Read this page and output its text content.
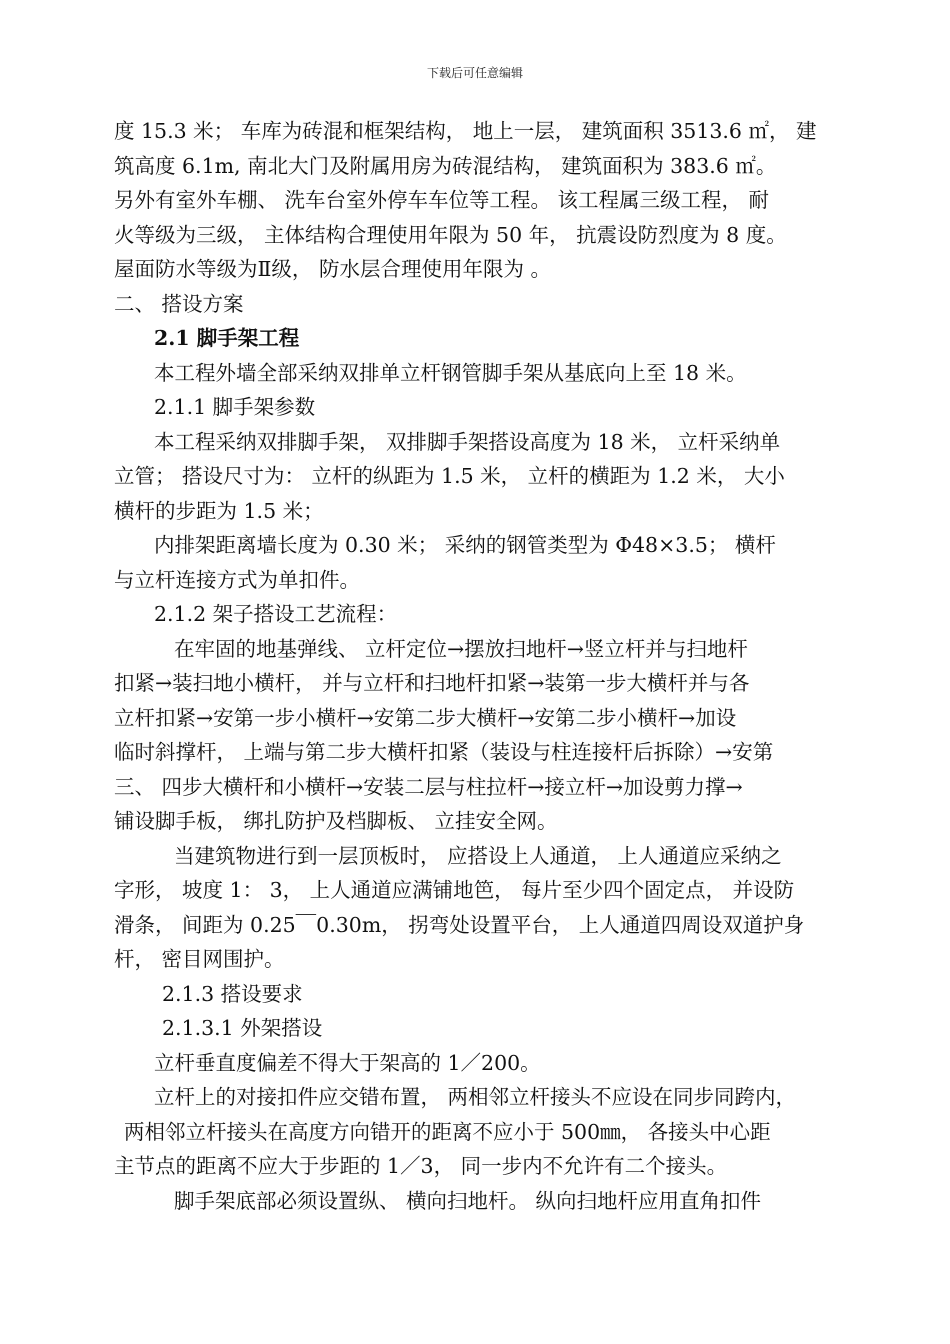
下载后可任意编辑
度 15.3 米； 车库为砖混和框架结构， 地上一层， 建筑面积 3513.6 ㎡， 建
筑高度 6.1m, 南北大门及附属用房为砖混结构， 建筑面积为 383.6 ㎡。
另外有室外车棚、 洗车台室外停车车位等工程。 该工程属三级工程， 耐
火等级为三级， 主体结构合理使用年限为 50 年， 抗震设防烈度为 8 度。
屋面防水等级为Ⅱ级， 防水层合理使用年限为 。
二、 搭设方案
2.1 脚手架工程
本工程外墙全部采纳双排单立杆钢管脚手架从基底向上至 18 米。
2.1.1 脚手架参数
本工程采纳双排脚手架， 双排脚手架搭设高度为 18 米， 立杆采纳单
立管； 搭设尺寸为： 立杆的纵距为 1.5 米， 立杆的横距为 1.2 米， 大小
横杆的步距为 1.5 米；
内排架距离墙长度为 0.30 米； 采纳的钢管类型为 Φ48×3.5； 横杆
与立杆连接方式为单扣件。
2.1.2 架子搭设工艺流程：
在牢固的地基弹线、 立杆定位→摆放扫地杆→竖立杆并与扫地杆
扣紧→装扫地小横杆， 并与立杆和扫地杆扣紧→装第一步大横杆并与各
立杆扣紧→安第一步小横杆→安第二步大横杆→安第二步小横杆→加设
临时斜撑杆， 上端与第二步大横杆扣紧（装设与柱连接杆后拆除）→安第
三、 四步大横杆和小横杆→安装二层与柱拉杆→接立杆→加设剪力撑→
铺设脚手板， 绑扎防护及档脚板、 立挂安全网。
当建筑物进行到一层顶板时， 应搭设上人通道， 上人通道应采纳之
字形， 坡度 1： 3， 上人通道应满铺地笆， 每片至少四个固定点， 并设防
滑条， 间距为 0.25￣0.30m， 拐弯处设置平台， 上人通道四周设双道护身
杆， 密目网围护。
2.1.3 搭设要求
2.1.3.1 外架搭设
立杆垂直度偏差不得大于架高的 1／200。
立杆上的对接扣件应交错布置， 两相邻立杆接头不应设在同步同跨内，
两相邻立杆接头在高度方向错开的距离不应小于 500㎜， 各接头中心距
主节点的距离不应大于步距的 1／3， 同一步内不允许有二个接头。
脚手架底部必须设置纵、 横向扫地杆。 纵向扫地杆应用直角扣件
